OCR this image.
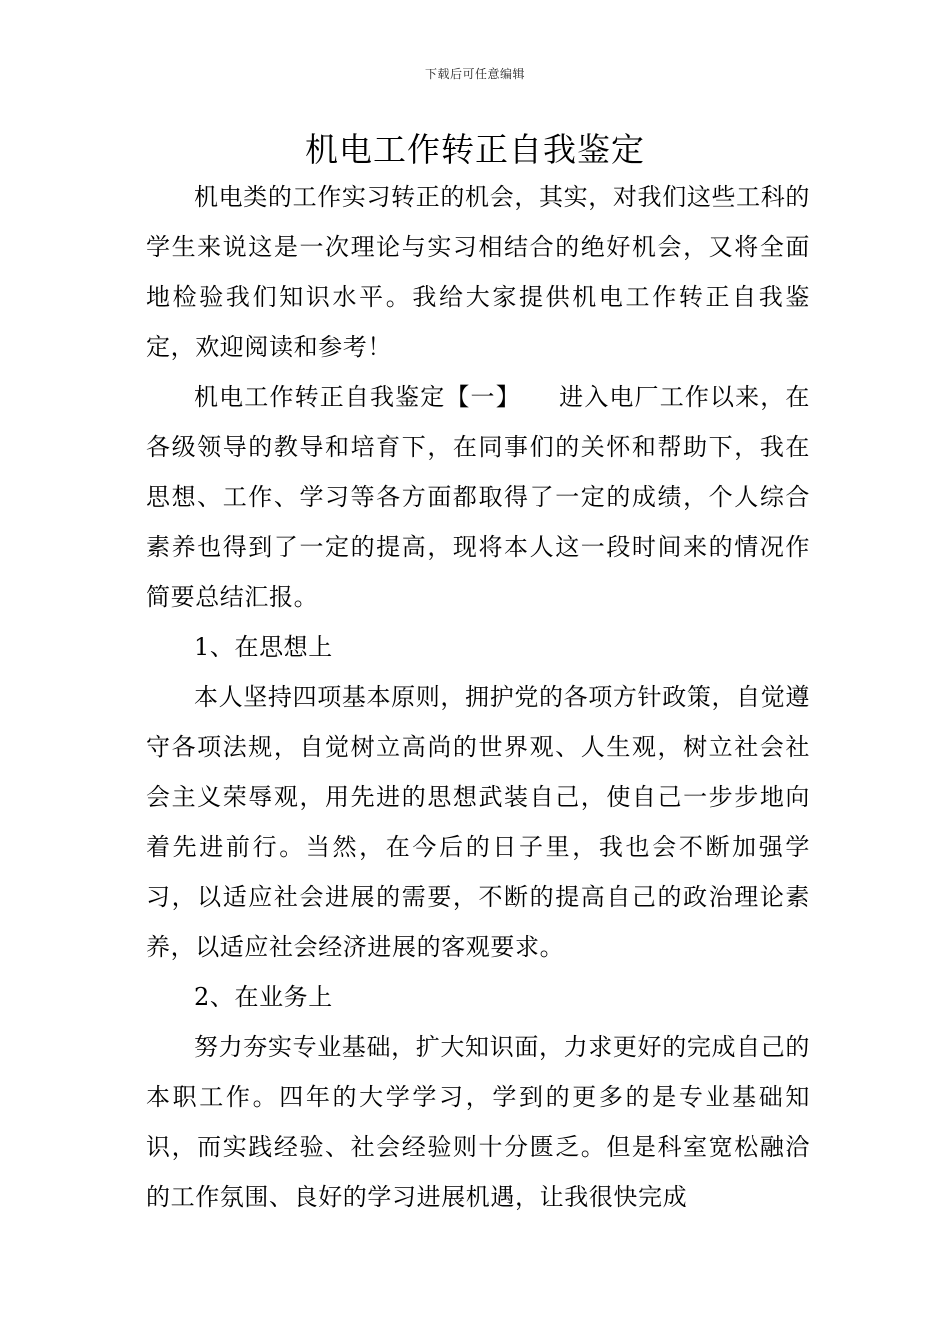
下载后可任意编辑
机电工作转正自我鉴定

机电类的工作实习转正的机会，其实，对我们这些工科的学生来说这是一次理论与实习相结合的绝好机会，又将全面地检验我们知识水平。我给大家提供机电工作转正自我鉴定，欢迎阅读和参考！

机电工作转正自我鉴定【一】　　进入电厂工作以来，在各级领导的教导和培育下，在同事们的关怀和帮助下，我在思想、工作、学习等各方面都取得了一定的成绩，个人综合素养也得到了一定的提高，现将本人这一段时间来的情况作简要总结汇报。

1、在思想上

本人坚持四项基本原则，拥护党的各项方针政策，自觉遵守各项法规，自觉树立高尚的世界观、人生观，树立社会社会主义荣辱观，用先进的思想武装自己，使自己一步步地向着先进前行。当然，在今后的日子里，我也会不断加强学习，以适应社会进展的需要，不断的提高自己的政治理论素养，以适应社会经济进展的客观要求。

2、在业务上

努力夯实专业基础，扩大知识面，力求更好的完成自己的本职工作。四年的大学学习，学到的更多的是专业基础知识，而实践经验、社会经验则十分匮乏。但是科室宽松融洽的工作氛围、良好的学习进展机遇，让我很快完成
